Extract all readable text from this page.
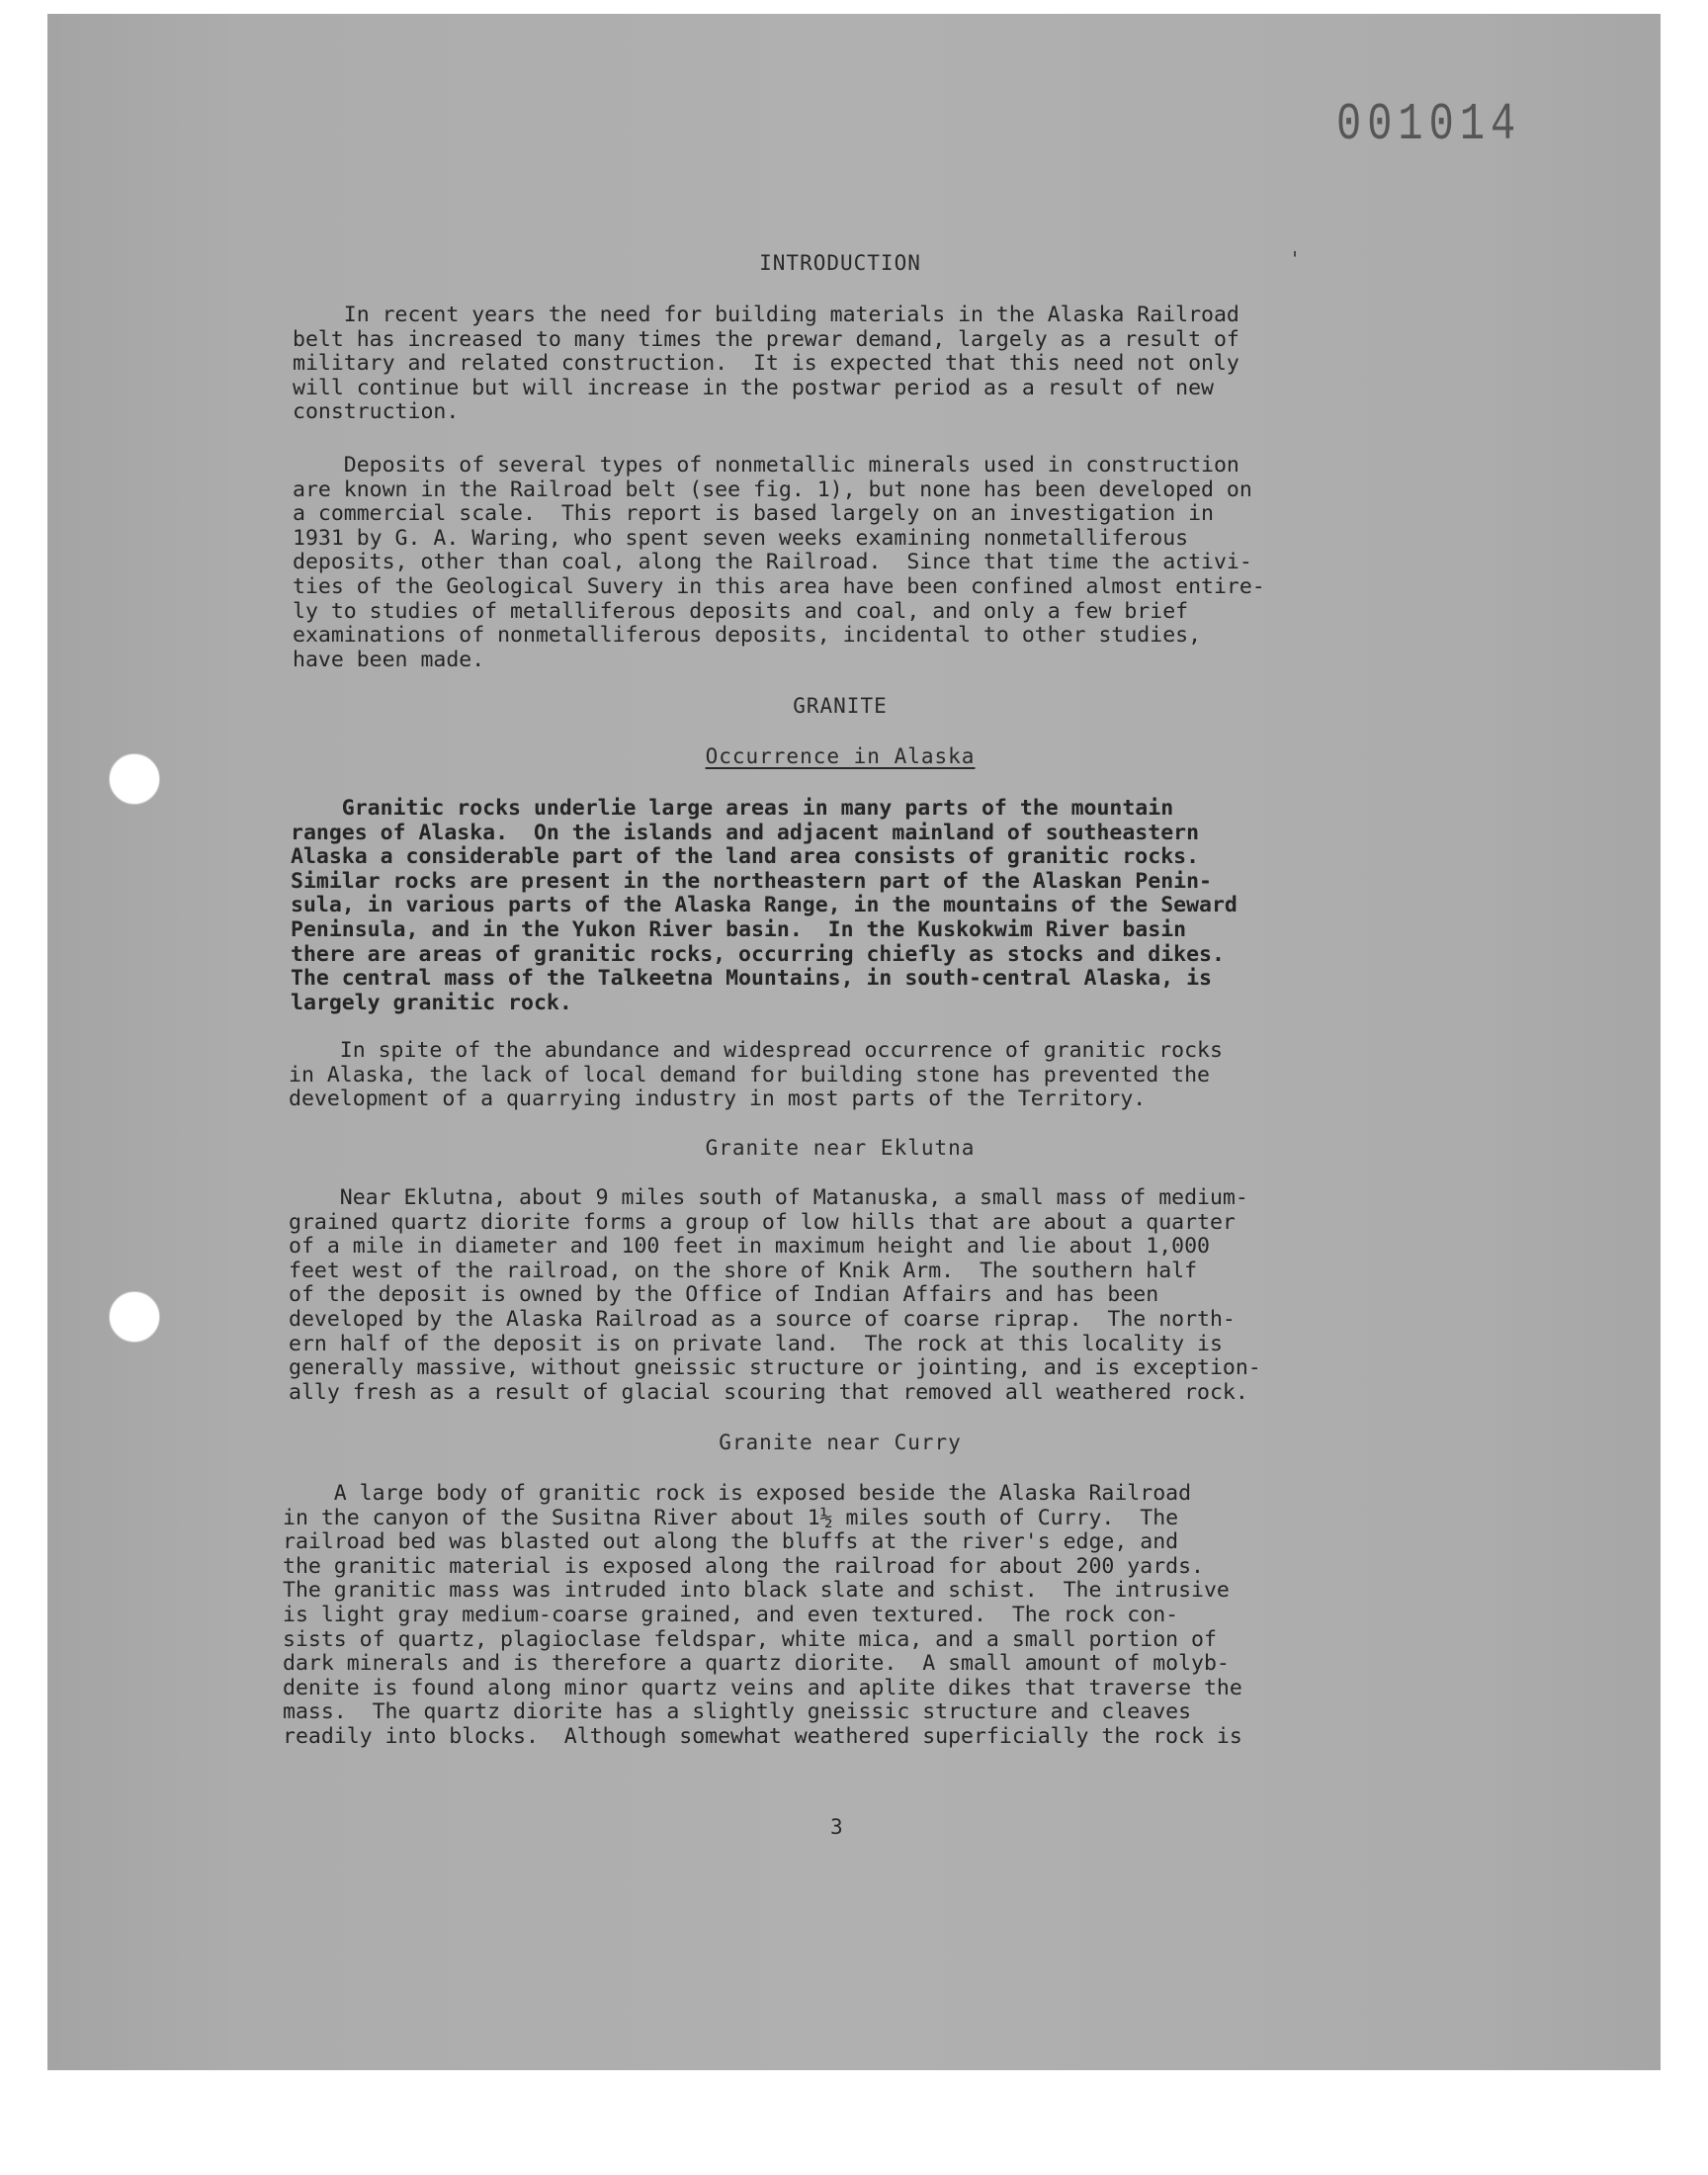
001014
'
INTRODUCTION

In recent years the need for building materials in the Alaska Railroad
belt has increased to many times the prewar demand, largely as a result of
military and related construction.  It is expected that this need not only
will continue but will increase in the postwar period as a result of new
construction.

Deposits of several types of nonmetallic minerals used in construction
are known in the Railroad belt (see fig. 1), but none has been developed on
a commercial scale.  This report is based largely on an investigation in
1931 by G. A. Waring, who spent seven weeks examining nonmetalliferous
deposits, other than coal, along the Railroad.  Since that time the activi-
ties of the Geological Suvery in this area have been confined almost entire-
ly to studies of metalliferous deposits and coal, and only a few brief
examinations of nonmetalliferous deposits, incidental to other studies,
have been made.

GRANITE
Occurrence in Alaska

Granitic rocks underlie large areas in many parts of the mountain
ranges of Alaska.  On the islands and adjacent mainland of southeastern
Alaska a considerable part of the land area consists of granitic rocks.
Similar rocks are present in the northeastern part of the Alaskan Penin-
sula, in various parts of the Alaska Range, in the mountains of the Seward
Peninsula, and in the Yukon River basin.  In the Kuskokwim River basin
there are areas of granitic rocks, occurring chiefly as stocks and dikes.
The central mass of the Talkeetna Mountains, in south-central Alaska, is
largely granitic rock.

In spite of the abundance and widespread occurrence of granitic rocks
in Alaska, the lack of local demand for building stone has prevented the
development of a quarrying industry in most parts of the Territory.

Granite near Eklutna

Near Eklutna, about 9 miles south of Matanuska, a small mass of medium-
grained quartz diorite forms a group of low hills that are about a quarter
of a mile in diameter and 100 feet in maximum height and lie about 1,000
feet west of the railroad, on the shore of Knik Arm.  The southern half
of the deposit is owned by the Office of Indian Affairs and has been
developed by the Alaska Railroad as a source of coarse riprap.  The north-
ern half of the deposit is on private land.  The rock at this locality is
generally massive, without gneissic structure or jointing, and is exception-
ally fresh as a result of glacial scouring that removed all weathered rock.

Granite near Curry

A large body of granitic rock is exposed beside the Alaska Railroad
in the canyon of the Susitna River about 1½ miles south of Curry.  The
railroad bed was blasted out along the bluffs at the river's edge, and
the granitic material is exposed along the railroad for about 200 yards.
The granitic mass was intruded into black slate and schist.  The intrusive
is light gray medium-coarse grained, and even textured.  The rock con-
sists of quartz, plagioclase feldspar, white mica, and a small portion of
dark minerals and is therefore a quartz diorite.  A small amount of molyb-
denite is found along minor quartz veins and aplite dikes that traverse the
mass.  The quartz diorite has a slightly gneissic structure and cleaves
readily into blocks.  Although somewhat weathered superficially the rock is

3
